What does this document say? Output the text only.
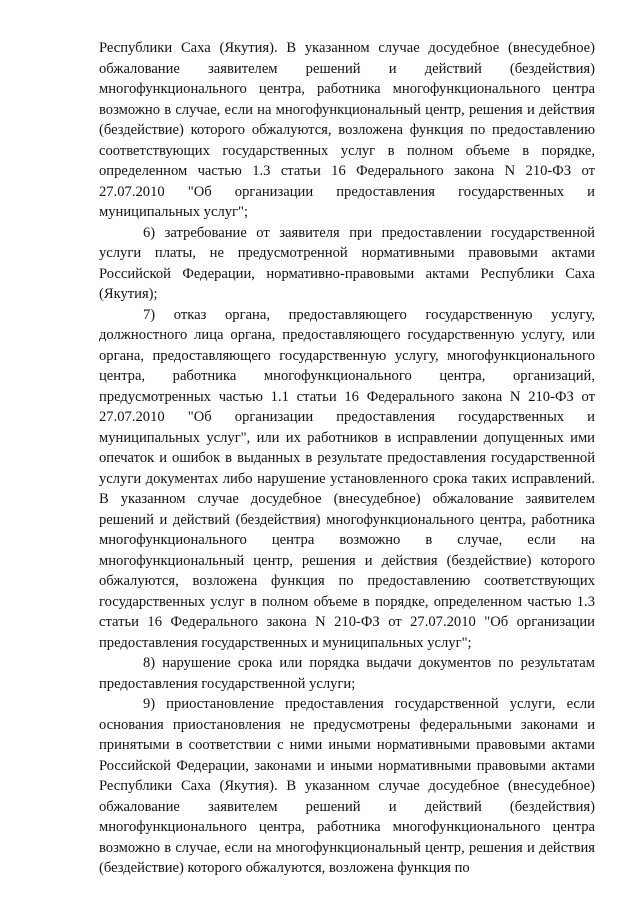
Республики Саха (Якутия). В указанном случае досудебное (внесудебное) обжалование заявителем решений и действий (бездействия) многофункционального центра, работника многофункционального центра возможно в случае, если на многофункциональный центр, решения и действия (бездействие) которого обжалуются, возложена функция по предоставлению соответствующих государственных услуг в полном объеме в порядке, определенном частью 1.3 статьи 16 Федерального закона N 210-ФЗ от 27.07.2010 "Об организации предоставления государственных и муниципальных услуг";

6) затребование от заявителя при предоставлении государственной услуги платы, не предусмотренной нормативными правовыми актами Российской Федерации, нормативно-правовыми актами Республики Саха (Якутия);

7) отказ органа, предоставляющего государственную услугу, должностного лица органа, предоставляющего государственную услугу, или органа, предоставляющего государственную услугу, многофункционального центра, работника многофункционального центра, организаций, предусмотренных частью 1.1 статьи 16 Федерального закона N 210-ФЗ от 27.07.2010 "Об организации предоставления государственных и муниципальных услуг", или их работников в исправлении допущенных ими опечаток и ошибок в выданных в результате предоставления государственной услуги документах либо нарушение установленного срока таких исправлений. В указанном случае досудебное (внесудебное) обжалование заявителем решений и действий (бездействия) многофункционального центра, работника многофункционального центра возможно в случае, если на многофункциональный центр, решения и действия (бездействие) которого обжалуются, возложена функция по предоставлению соответствующих государственных услуг в полном объеме в порядке, определенном частью 1.3 статьи 16 Федерального закона N 210-ФЗ от 27.07.2010 "Об организации предоставления государственных и муниципальных услуг";

8) нарушение срока или порядка выдачи документов по результатам предоставления государственной услуги;

9) приостановление предоставления государственной услуги, если основания приостановления не предусмотрены федеральными законами и принятыми в соответствии с ними иными нормативными правовыми актами Российской Федерации, законами и иными нормативными правовыми актами Республики Саха (Якутия). В указанном случае досудебное (внесудебное) обжалование заявителем решений и действий (бездействия) многофункционального центра, работника многофункционального центра возможно в случае, если на многофункциональный центр, решения и действия (бездействие) которого обжалуются, возложена функция по
